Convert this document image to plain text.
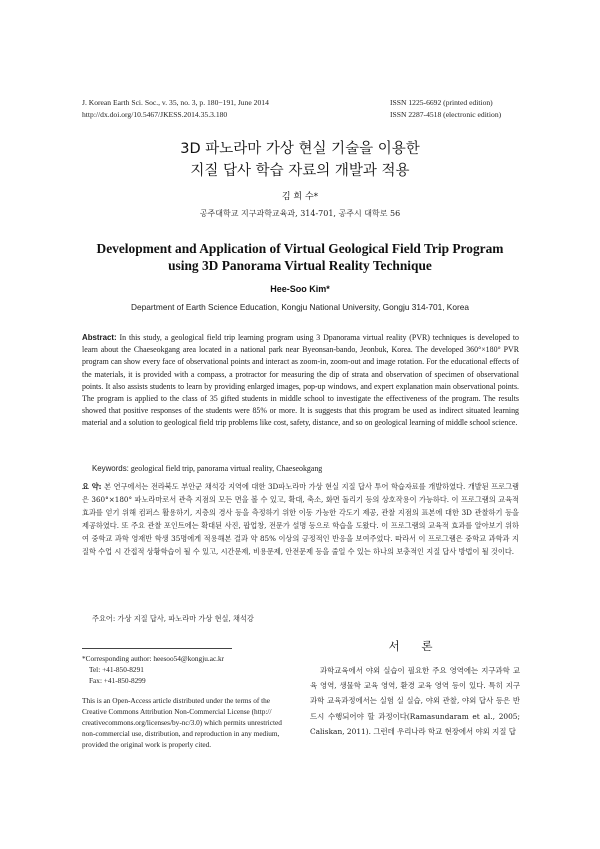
J. Korean Earth Sci. Soc., v. 35, no. 3, p. 180−191, June 2014
http://dx.doi.org/10.5467/JKESS.2014.35.3.180
ISSN 1225-6692 (printed edition)
ISSN 2287-4518 (electronic edition)
3D 파노라마 가상 현실 기술을 이용한
지질 답사 학습 자료의 개발과 적용
김 희 수*
공주대학교 지구과학교육과, 314-701, 공주시 대학로 56
Development and Application of Virtual Geological Field Trip Program
using 3D Panorama Virtual Reality Technique
Hee-Soo Kim*
Department of Earth Science Education, Kongju National University, Gongju 314-701, Korea
Abstract: In this study, a geological field trip learning program using 3 Dpanorama virtual reality (PVR) techniques is developed to learn about the Chaeseokgang area located in a national park near Byeonsan-bando, Jeonbuk, Korea. The developed 360°×180° PVR program can show every face of observational points and interact as zoom-in, zoom-out and image rotation. For the educational effects of the materials, it is provided with a compass, a protractor for measuring the dip of strata and observation of specimen of observational points. It also assists students to learn by providing enlarged images, pop-up windows, and expert explanation main observational points. The program is applied to the class of 35 gifted students in middle school to investigate the effectiveness of the program. The results showed that positive responses of the students were 85% or more. It is suggests that this program be used as indirect situated learning material and a solution to geological field trip problems like cost, safety, distance, and so on geological learning of middle school science.
Keywords: geological field trip, panorama virtual reality, Chaeseokgang
요 약: 본 연구에서는 전라북도 부안군 채석강 지역에 대한 3D파노라마 가상 현실 지질 답사 투어 학습자료를 개발하였다. 개발된 프로그램은 360°×180° 파노라마로서 관측 지점의 모든 면을 볼 수 있고, 확대, 축소, 화면 돌리기 등의 상호작용이 가능하다. 이 프로그램의 교육적 효과를 얻기 위해 컴퍼스 활용하기, 지층의 경사 등을 측정하기 위한 이동 가능한 각도기 제공, 관찰 지점의 표본에 대한 3D 관찰하기 등을 제공하였다. 또 주요 관찰 포인트에는 확대된 사진, 팝업창, 전문가 설명 등으로 학습을 도왔다. 이 프로그램의 교육적 효과를 알아보기 위하여 중학교 과학 영재반 학생 35명에게 적용해본 결과 약 85% 이상의 긍정적인 반응을 보여주었다. 따라서 이 프로그램은 중학교 과학과 지질학 수업 시 간접적 상황학습이 될 수 있고, 시간문제, 비용문제, 안전문제 등을 줄일 수 있는 하나의 보충적인 지질 답사 방법이 될 것이다.
주요어: 가상 지질 답사, 파노라마 가상 현실, 채석강
*Corresponding author: heesoo54@kongju.ac.kr
Tel: +41-850-8291
Fax: +41-850-8299
This is an Open-Access article distributed under the terms of the Creative Commons Attribution Non-Commercial License (http:// creativecommons.org/licenses/by-nc/3.0) which permits unrestricted non-commercial use, distribution, and reproduction in any medium, provided the original work is properly cited.
서 론
과학교육에서 야외 실습이 필요한 주요 영역에는 지구과학 교육 영역, 생물학 교육 영역, 환경 교육 영역 등이 있다. 특히 지구과학 교육과정에서는 실험 실 실습, 야외 관찰, 야외 답사 등은 반드시 수행되어야 할 과정이다(Ramasundaram et al., 2005; Caliskan, 2011). 그런데 우리나라 학교 현장에서 야외 지질 답
